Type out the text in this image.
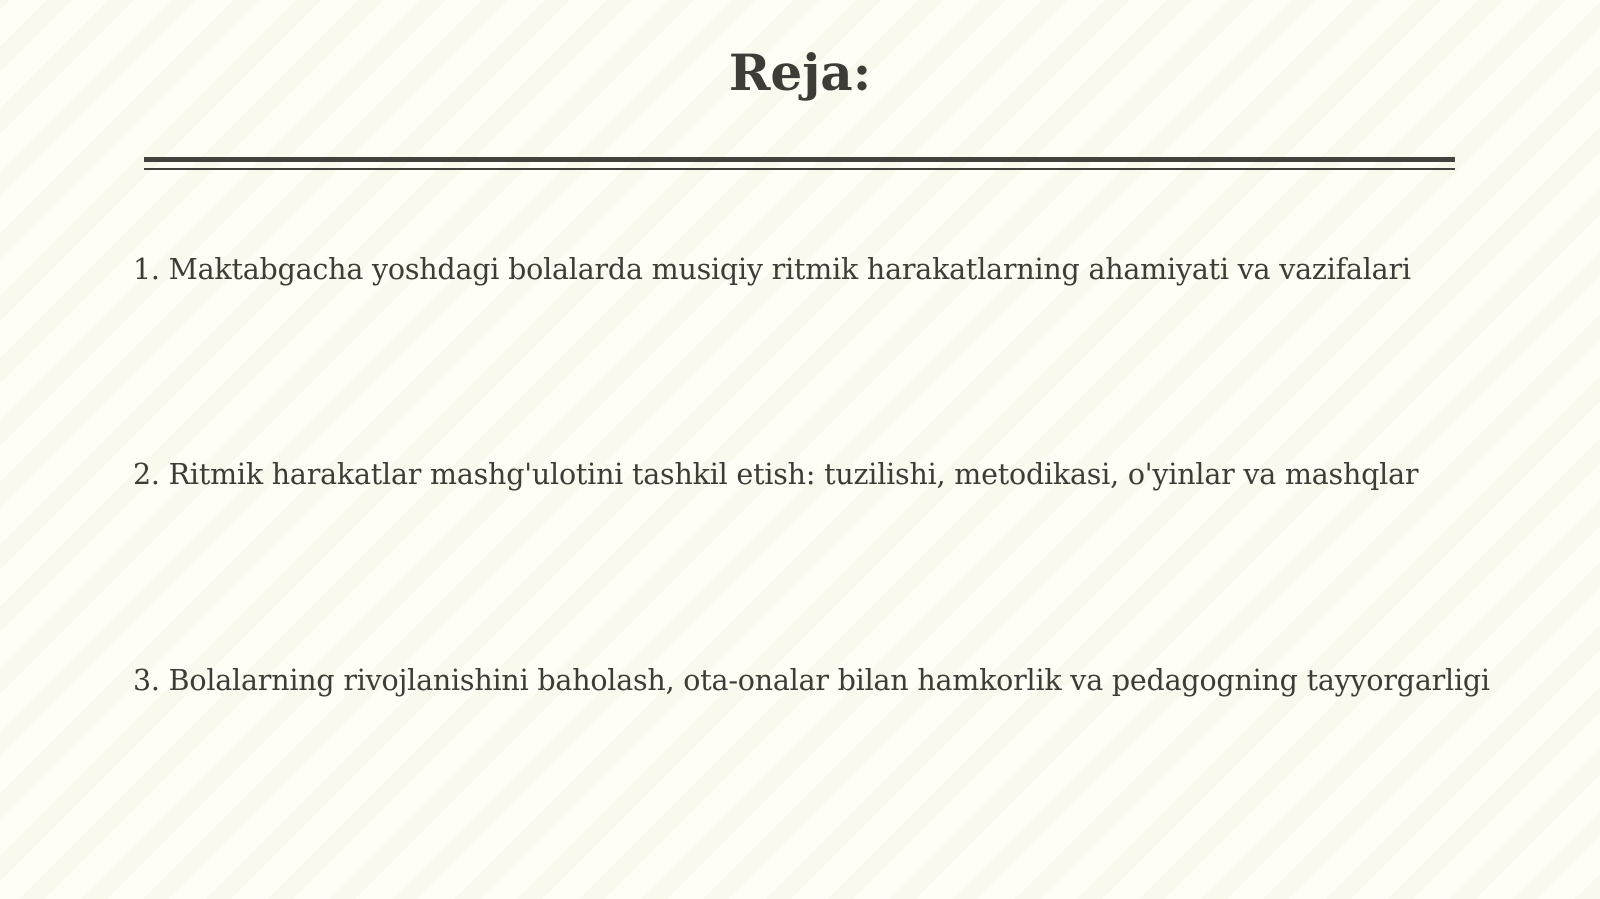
Reja:
1. Maktabgacha yoshdagi bolalarda musiqiy ritmik harakatlarning ahamiyati va vazifalari
2. Ritmik harakatlar mashg'ulotini tashkil etish: tuzilishi, metodikasi, o'yinlar va mashqlar
3. Bolalarning rivojlanishini baholash, ota-onalar bilan hamkorlik va pedagogning tayyorgarligi
